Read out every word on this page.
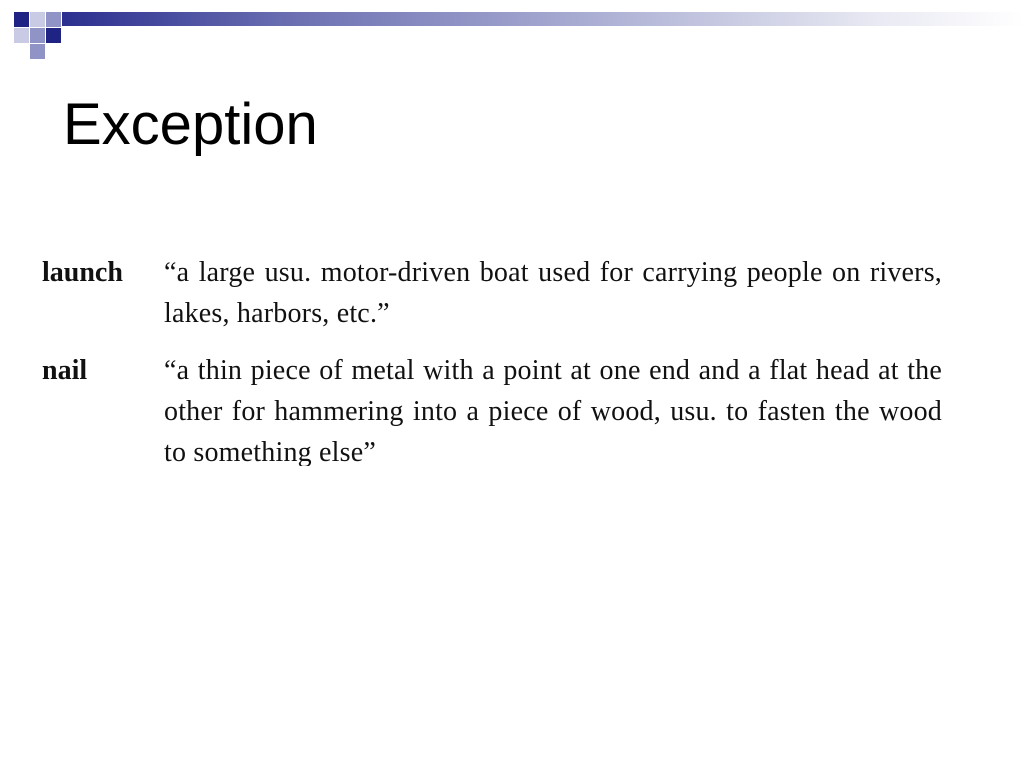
Exception
launch	“a large usu. motor-driven boat used for carrying people on rivers, lakes, harbors, etc.”
nail	“a thin piece of metal with a point at one end and a flat head at the other for hammering into a piece of wood, usu. to fasten the wood to something else”
